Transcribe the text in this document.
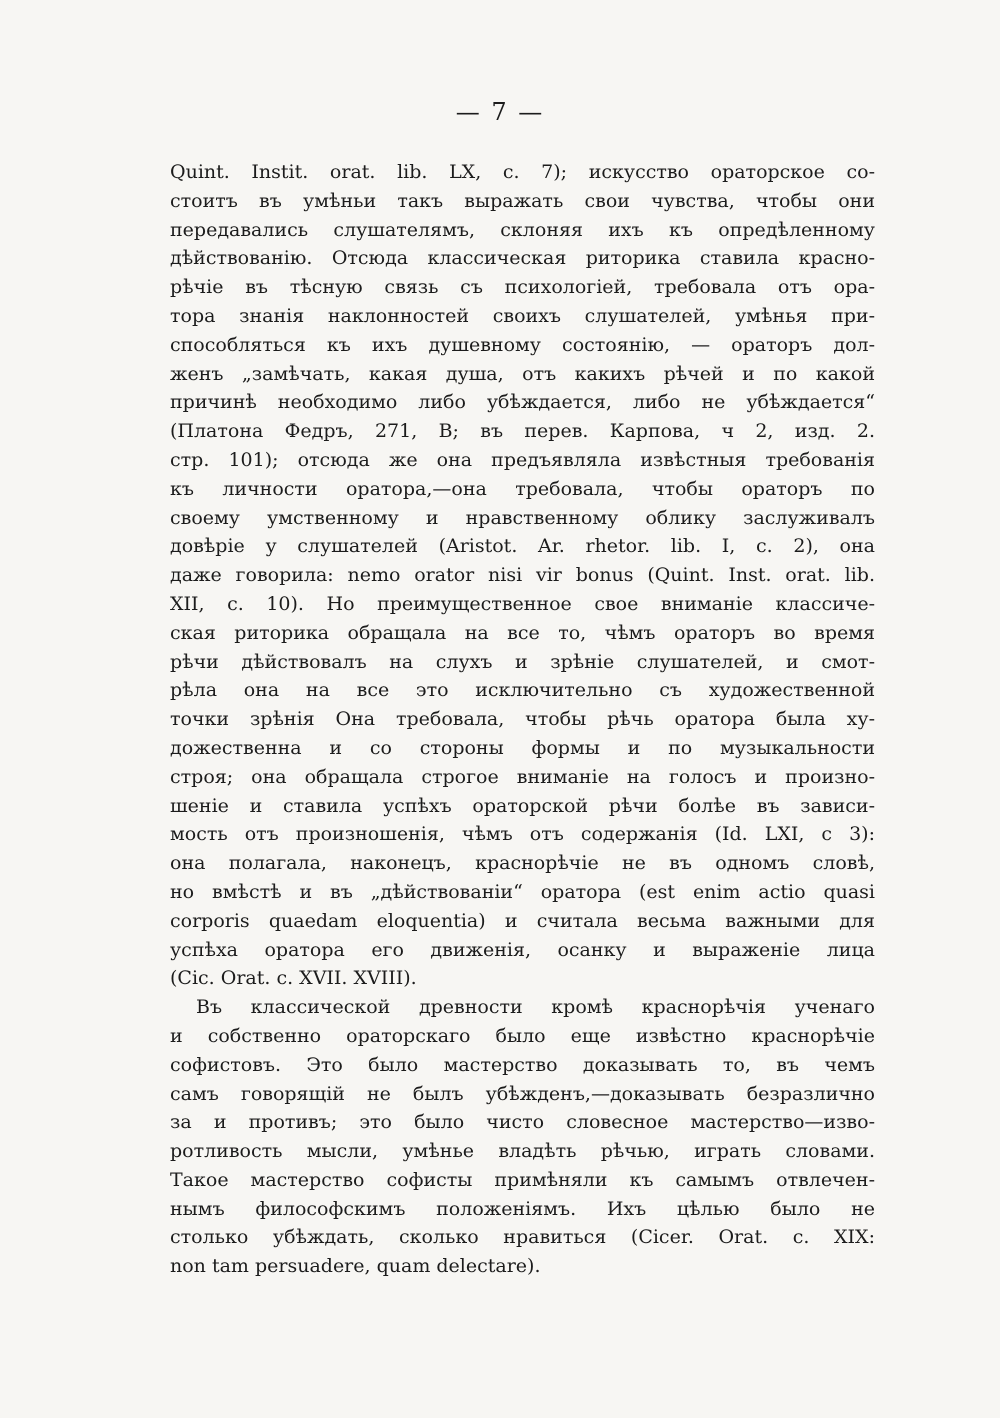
— 7 —
Quint. Instit. orat. lib. LX, c. 7); искусство ораторское со-
стоитъ въ умѣньи такъ выражать свои чувства, чтобы они
передавались слушателямъ, склоняя ихъ къ опредѣленному
дѣйствованію. Отсюда классическая риторика ставила красно-
рѣчіе въ тѣсную связь съ психологіей, требовала отъ ора-
тора знанія наклонностей своихъ слушателей, умѣнья при-
способляться къ ихъ душевному состоянію, — ораторъ дол-
женъ „замѣчать, какая душа, отъ какихъ рѣчей и по какой
причинѣ необходимо либо убѣждается, либо не убѣждается“
(Платона Федръ, 271, В; въ перев. Карпова, ч 2, изд. 2.
стр. 101); отсюда же она предъявляла извѣстныя требованія
къ личности оратора,—она требовала, чтобы ораторъ по
своему умственному и нравственному облику заслуживалъ
довѣріе у слушателей (Aristot. Ar. rhetor. lib. I, c. 2), она
даже говорила: nemo orator nisi vir bonus (Quint. Inst. orat. lib.
XII, c. 10). Но преимущественное свое вниманіе классиче-
ская риторика обращала на все то, чѣмъ ораторъ во время
рѣчи дѣйствовалъ на слухъ и зрѣніе слушателей, и смот-
рѣла она на все это исключительно съ художественной
точки зрѣнія Она требовала, чтобы рѣчь оратора была ху-
дожественна и со стороны формы и по музыкальности
строя; она обращала строгое вниманіе на голосъ и произно-
шеніе и ставила успѣхъ ораторской рѣчи болѣе въ зависи-
мость отъ произношенія, чѣмъ отъ содержанія (Id. LXI, c 3):
она полагала, наконецъ, краснорѣчіе не въ одномъ словѣ,
но вмѣстѣ и въ „дѣйствованіи“ оратора (est enim actio quasi
corporis quaedam eloquentia) и считала весьма важными для
успѣха оратора его движенія, осанку и выраженіе лица
(Cic. Orat. c. XVII. XVIII).
Въ классической древности кромѣ краснорѣчія ученаго
и собственно ораторскаго было еще извѣстно краснорѣчіе
софистовъ. Это было мастерство доказывать то, въ чемъ
самъ говорящій не былъ убѣжденъ,—доказывать безразлично
за и противъ; это было чисто словесное мастерство—изво-
ротливость мысли, умѣнье владѣть рѣчью, играть словами.
Такое мастерство софисты примѣняли къ самымъ отвлечен-
нымъ философскимъ положеніямъ. Ихъ цѣлью было не
столько убѣждать, сколько нравиться (Cicer. Orat. c. XIX:
non tam persuadere, quam delectare).
